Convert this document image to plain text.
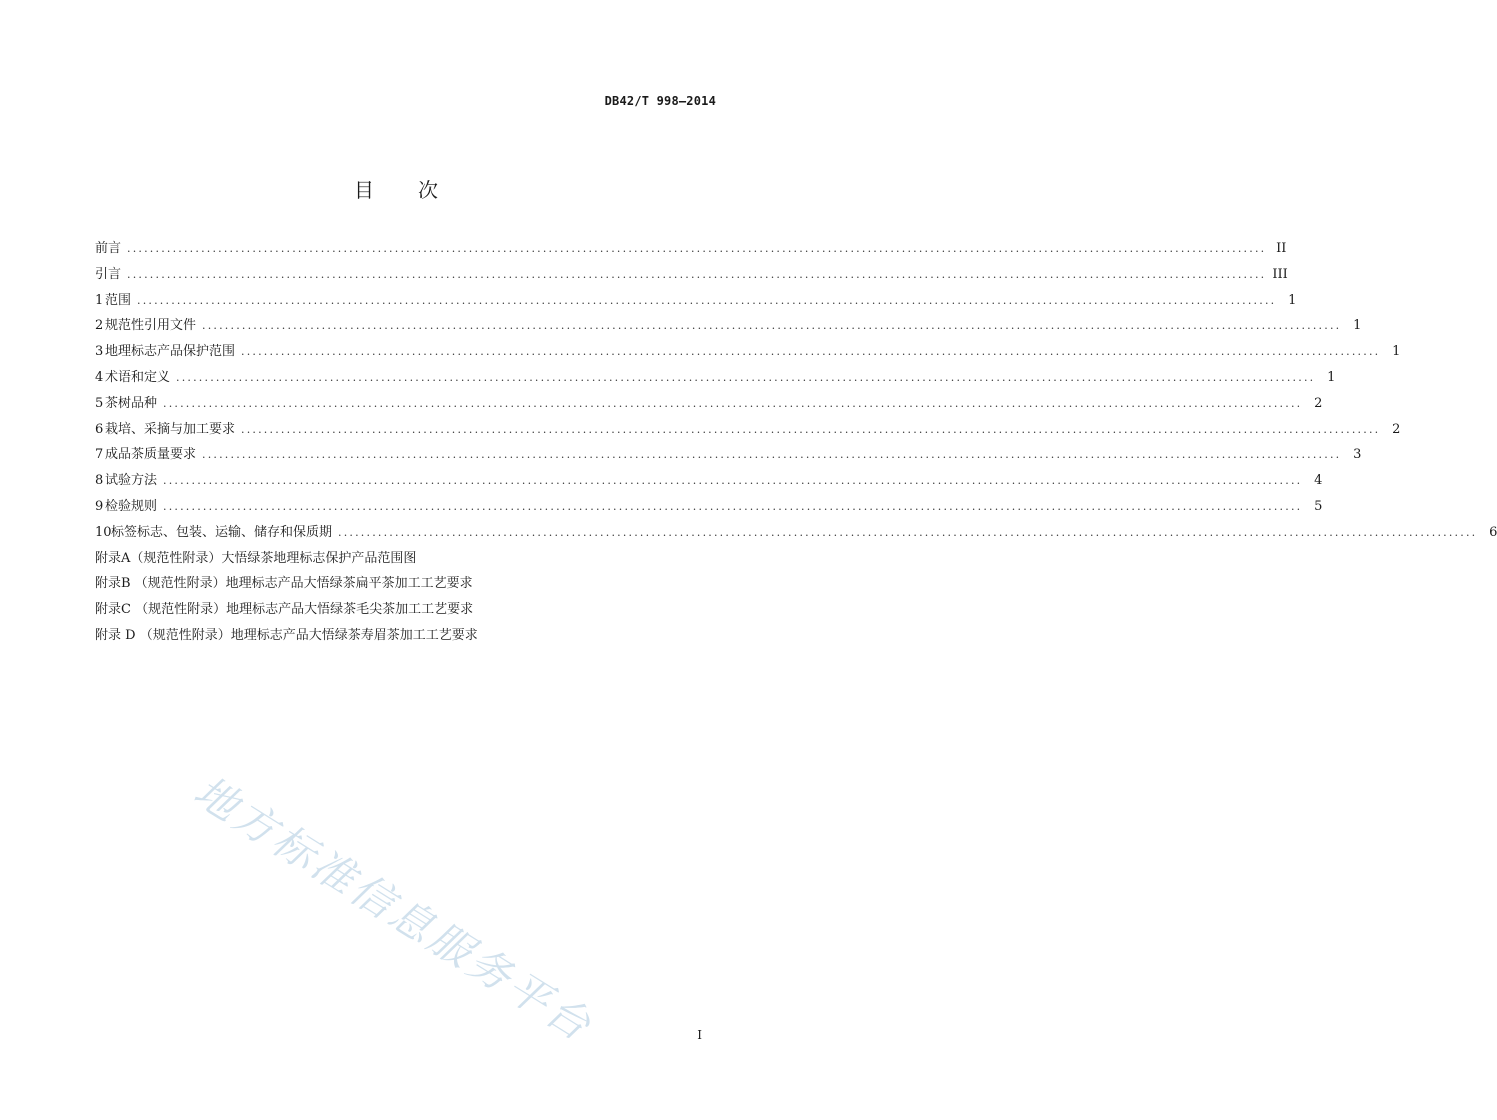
DB42/T 998—2014
目次
前言 ........................................................................................................................................................................................................ II
引言 ........................................................................................................................................................................................................ III
1 范围 ........................................................................................................................................................................................................ 1
2 规范性引用文件 ........................................................................................................................................................................................................ 1
3 地理标志产品保护范围 ........................................................................................................................................................................................................ 1
4 术语和定义 ........................................................................................................................................................................................................ 1
5 茶树品种 ........................................................................................................................................................................................................ 2
6 栽培、采摘与加工要求 ........................................................................................................................................................................................................ 2
7 成品茶质量要求 ........................................................................................................................................................................................................ 3
8 试验方法 ........................................................................................................................................................................................................ 4
9 检验规则 ........................................................................................................................................................................................................ 5
10 标签标志、包装、运输、储存和保质期 ........................................................................................................................................................................................................ 6
附录A（规范性附录）大悟绿茶地理标志保护产品范围图
附录B （规范性附录）地理标志产品大悟绿茶扁平茶加工工艺要求
附录C （规范性附录）地理标志产品大悟绿茶毛尖茶加工工艺要求
附录 D （规范性附录）地理标志产品大悟绿茶寿眉茶加工工艺要求
地方标准信息服务平台	I
